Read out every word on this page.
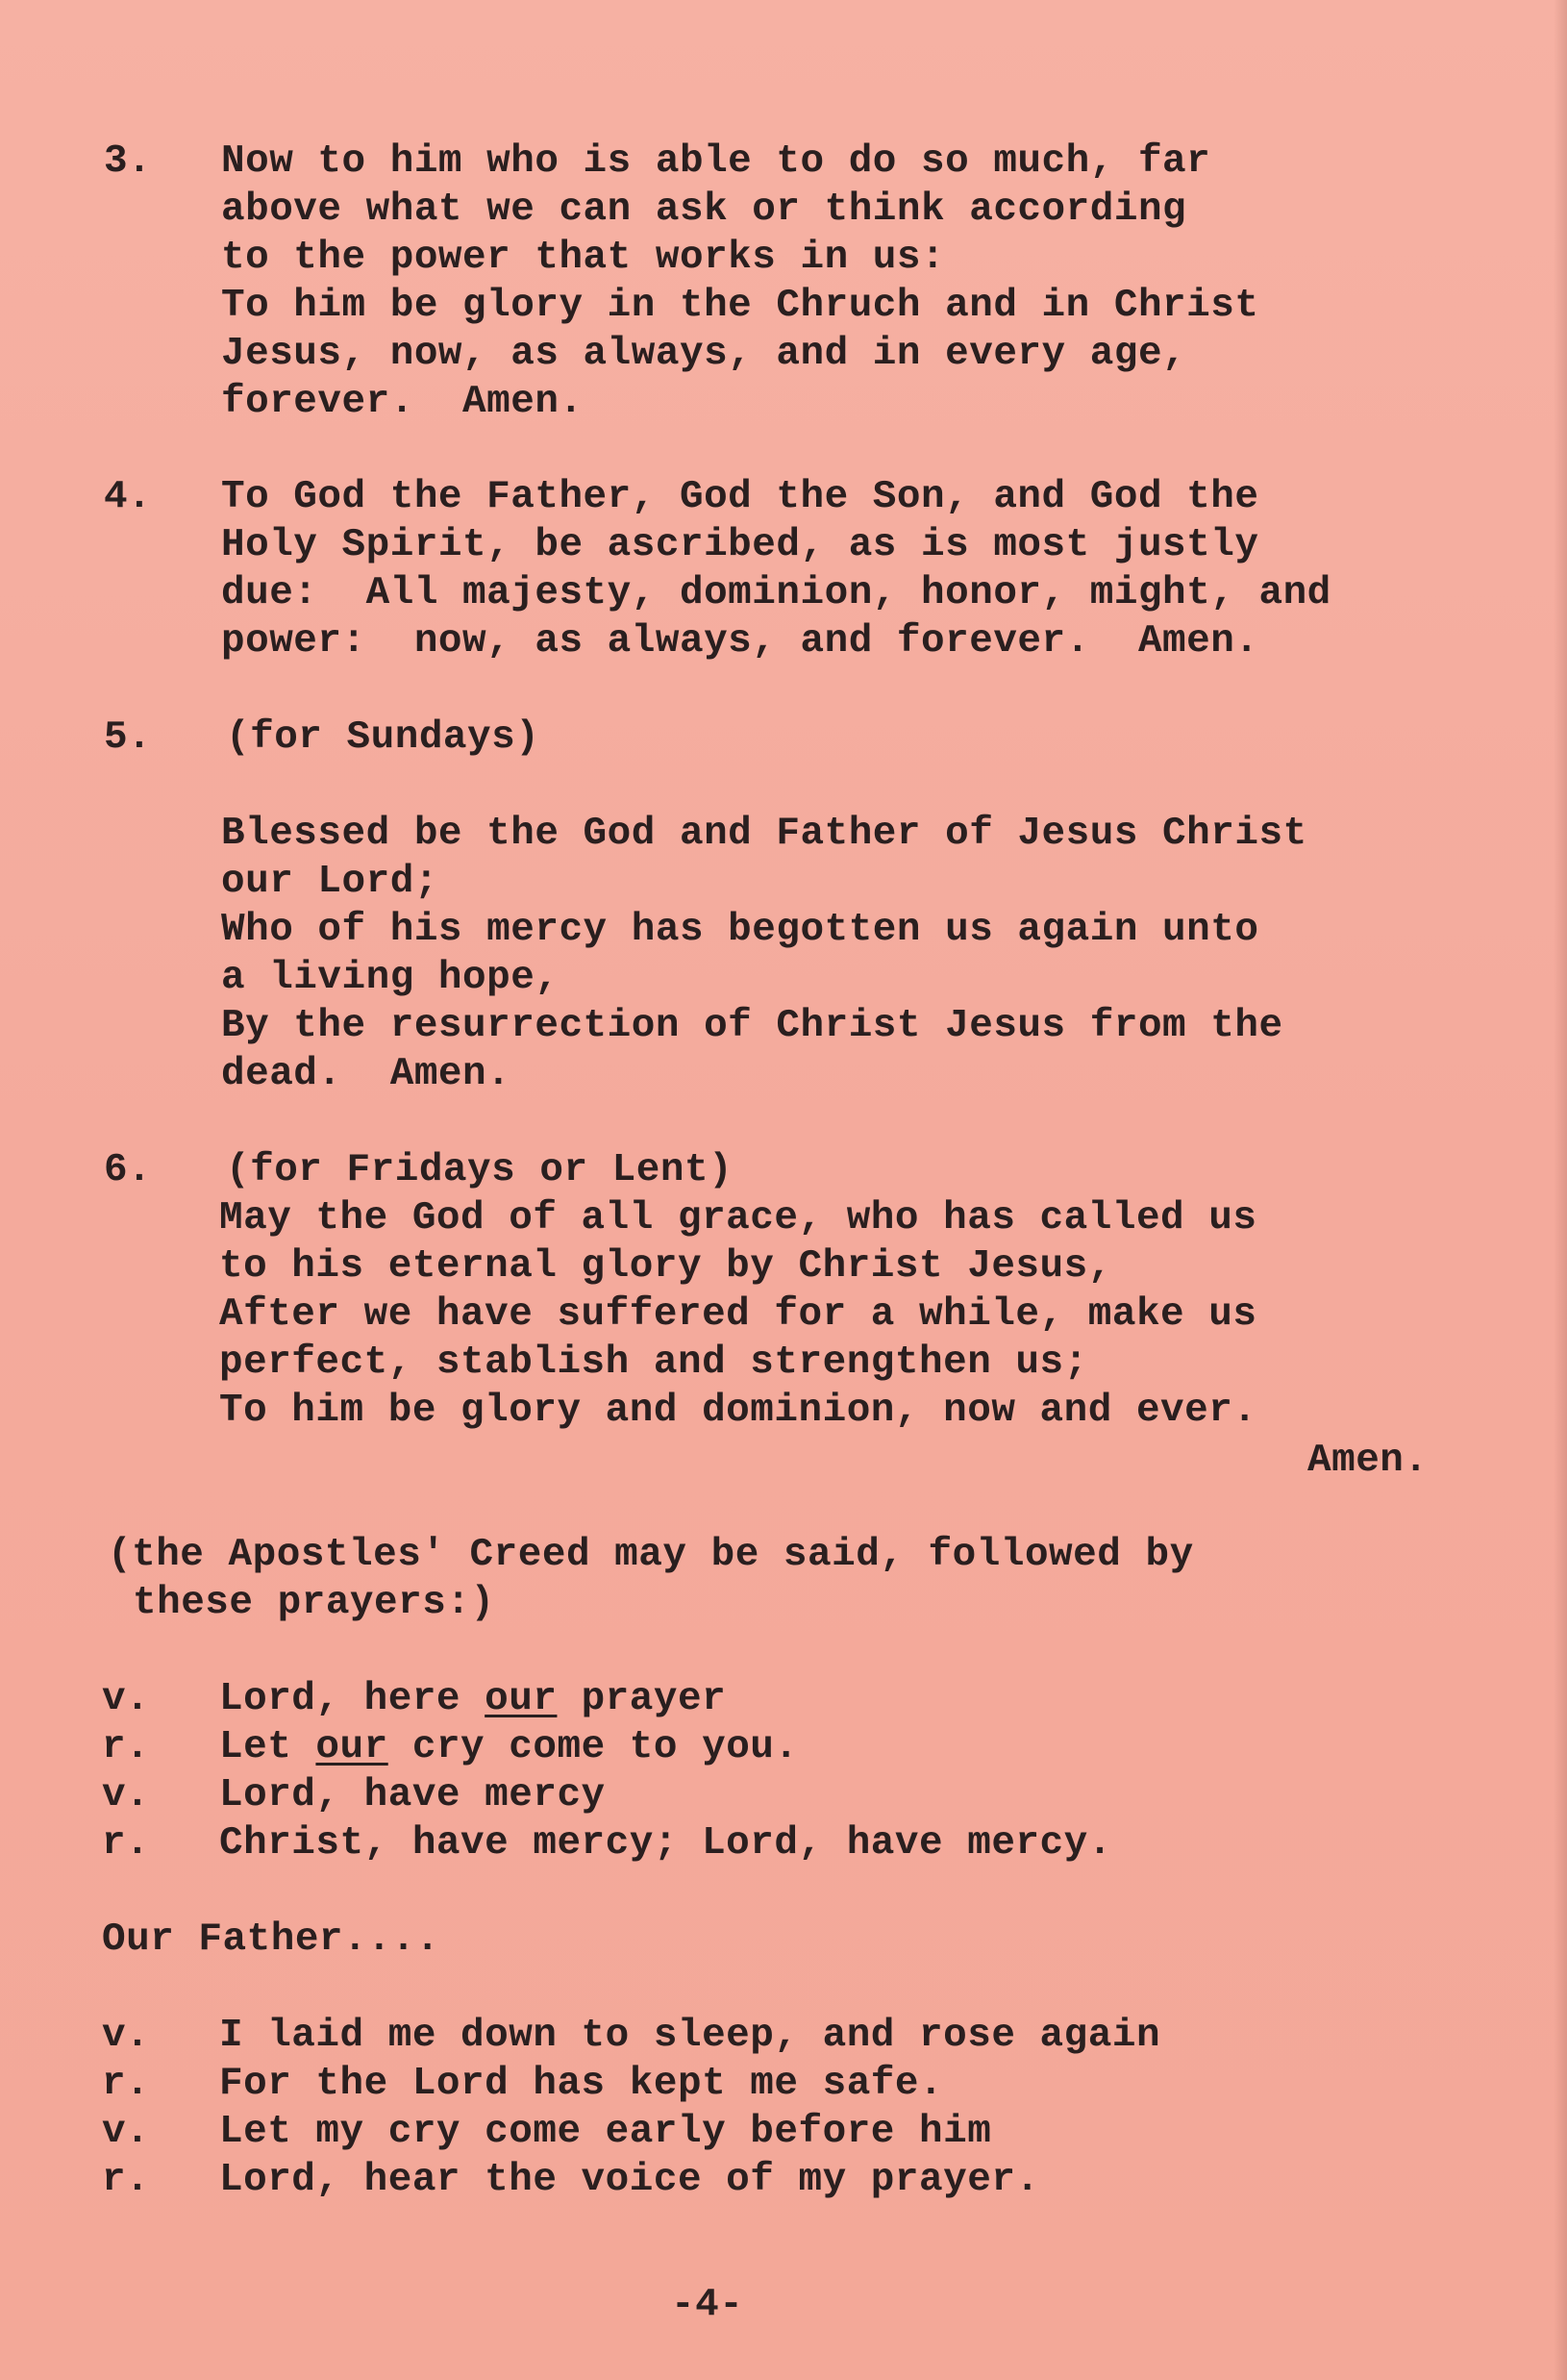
3. Now to him who is able to do so much, far
above what we can ask or think according
to the power that works in us:
To him be glory in the Chruch and in Christ
Jesus, now, as always, and in every age,
forever.  Amen.
4. To God the Father, God the Son, and God the
Holy Spirit, be ascribed, as is most justly
due:  All majesty, dominion, honor, might, and
power:  now, as always, and forever.  Amen.
5. (for Sundays)
Blessed be the God and Father of Jesus Christ
our Lord;
Who of his mercy has begotten us again unto
a living hope,
By the resurrection of Christ Jesus from the
dead.  Amen.
6. (for Fridays or Lent)
May the God of all grace, who has called us
to his eternal glory by Christ Jesus,
After we have suffered for a while, make us
perfect, stablish and strengthen us;
To him be glory and dominion, now and ever.
Amen.
(the Apostles' Creed may be said, followed by
these prayers:)
v. Lord, here our prayer
r. Let our cry come to you.
v. Lord, have mercy
r. Christ, have mercy; Lord, have mercy.
Our Father....
v. I laid me down to sleep, and rose again
r. For the Lord has kept me safe.
v. Let my cry come early before him
r. Lord, hear the voice of my prayer.
-4-
